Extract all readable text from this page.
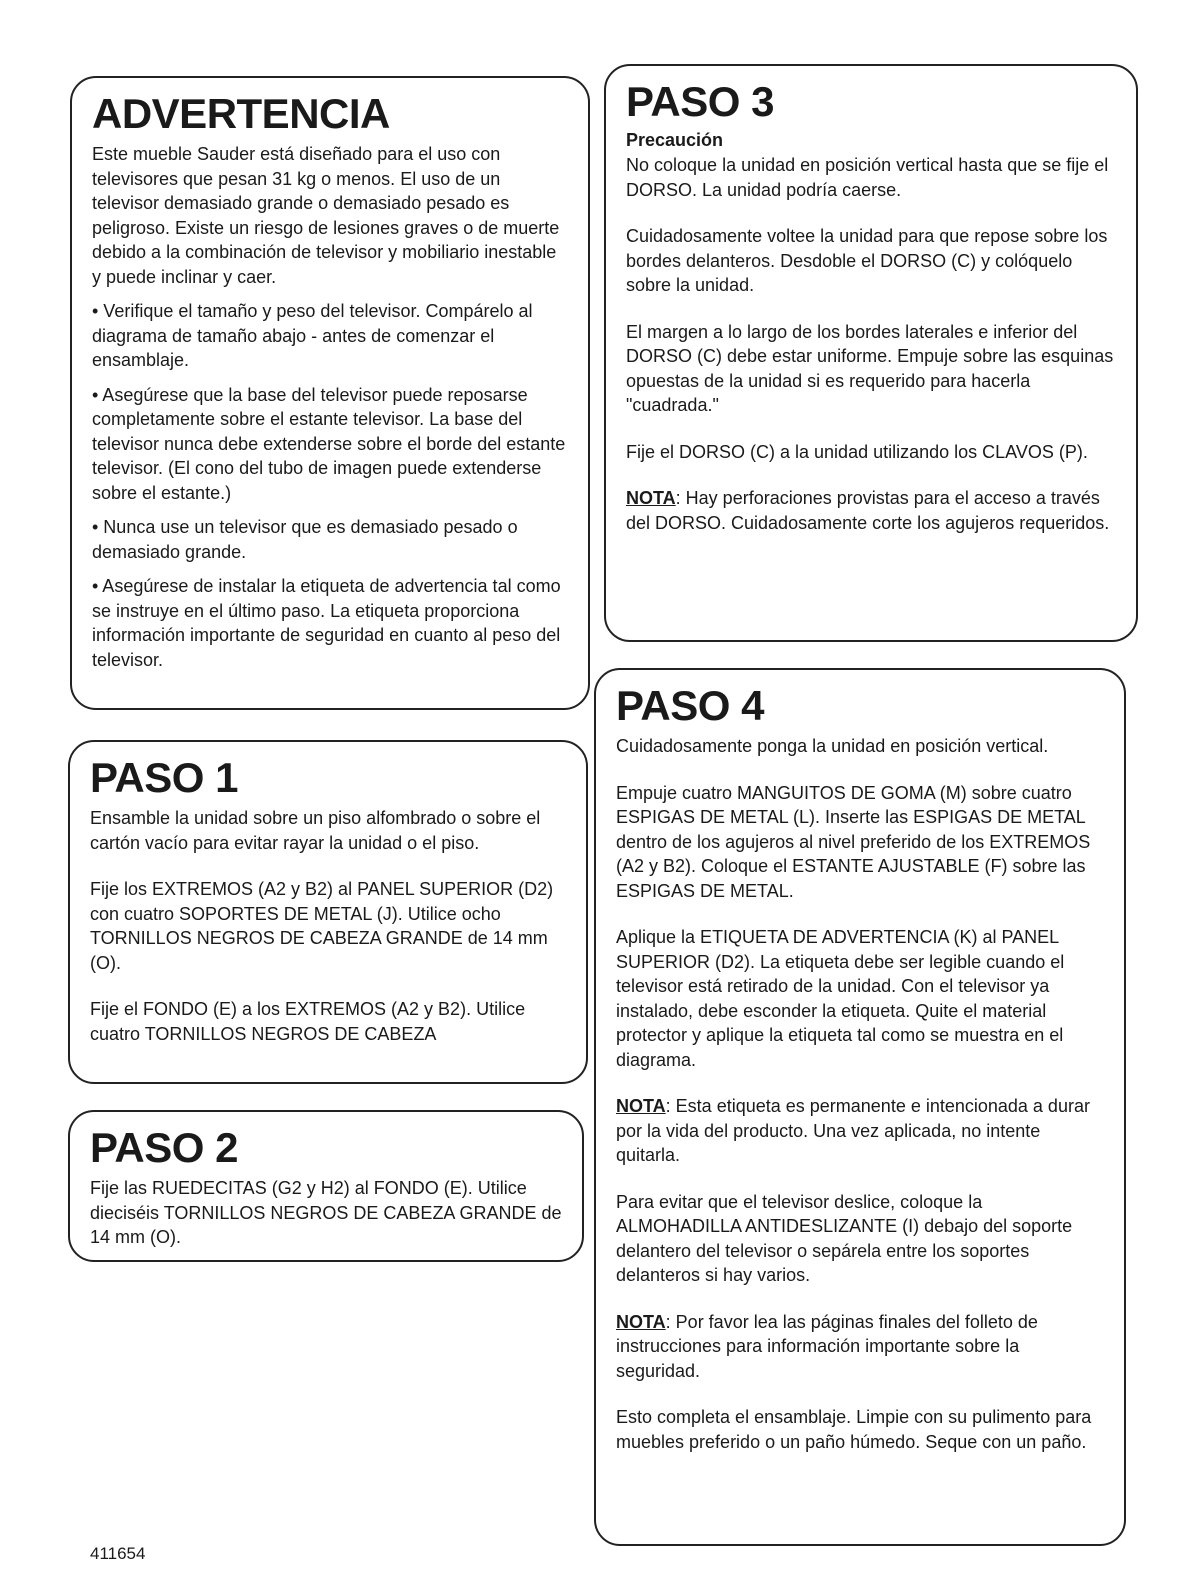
ADVERTENCIA

Este mueble Sauder está diseñado para el uso con televisores que pesan 31 kg o menos. El uso de un televisor demasiado grande o demasiado pesado es peligroso. Existe un riesgo de lesiones graves o de muerte debido a la combinación de televisor y mobiliario inestable y puede inclinar y caer.

• Verifique el tamaño y peso del televisor. Compárelo al diagrama de tamaño abajo - antes de comenzar el ensamblaje.

• Asegúrese que la base del televisor puede reposarse completamente sobre el estante televisor. La base del televisor nunca debe extenderse sobre el borde del estante televisor. (El cono del tubo de imagen puede extenderse sobre el estante.)

• Nunca use un televisor que es demasiado pesado o demasiado grande.

• Asegúrese de instalar la etiqueta de advertencia tal como se instruye en el último paso. La etiqueta proporciona información importante de seguridad en cuanto al peso del televisor.

PASO 1

Ensamble la unidad sobre un piso alfombrado o sobre el cartón vacío para evitar rayar la unidad o el piso.

Fije los EXTREMOS (A2 y B2) al PANEL SUPERIOR (D2) con cuatro SOPORTES DE METAL (J). Utilice ocho TORNILLOS NEGROS DE CABEZA GRANDE de 14 mm (O).

Fije el FONDO (E) a los EXTREMOS (A2 y B2). Utilice cuatro TORNILLOS NEGROS DE CABEZA

PASO 2

Fije las RUEDECITAS (G2 y H2) al FONDO (E). Utilice dieciséis TORNILLOS NEGROS DE CABEZA GRANDE de 14 mm (O).

PASO 3
Precaución

No coloque la unidad en posición vertical hasta que se fije el DORSO. La unidad podría caerse.

Cuidadosamente voltee la unidad para que repose sobre los bordes delanteros. Desdoble el DORSO (C) y colóquelo sobre la unidad.

El margen a lo largo de los bordes laterales e inferior del DORSO (C) debe estar uniforme. Empuje sobre las esquinas opuestas de la unidad si es requerido para hacerla "cuadrada."

Fije el DORSO (C) a la unidad utilizando los CLAVOS (P).

NOTA: Hay perforaciones provistas para el acceso a través del DORSO. Cuidadosamente corte los agujeros requeridos.

PASO 4

Cuidadosamente ponga la unidad en posición vertical.

Empuje cuatro MANGUITOS DE GOMA (M) sobre cuatro ESPIGAS DE METAL (L). Inserte las ESPIGAS DE METAL dentro de los agujeros al nivel preferido de los EXTREMOS (A2 y B2). Coloque el ESTANTE AJUSTABLE (F) sobre las ESPIGAS DE METAL.

Aplique la ETIQUETA DE ADVERTENCIA (K) al PANEL SUPERIOR (D2). La etiqueta debe ser legible cuando el televisor está retirado de la unidad. Con el televisor ya instalado, debe esconder la etiqueta. Quite el material protector y aplique la etiqueta tal como se muestra en el diagrama.

NOTA: Esta etiqueta es permanente e intencionada a durar por la vida del producto. Una vez aplicada, no intente quitarla.

Para evitar que el televisor deslice, coloque la ALMOHADILLA ANTIDESLIZANTE (I) debajo del soporte delantero del televisor o sepárela entre los soportes delanteros si hay varios.

NOTA: Por favor lea las páginas finales del folleto de instrucciones para información importante sobre la seguridad.

Esto completa el ensamblaje. Limpie con su pulimento para muebles preferido o un paño húmedo. Seque con un paño.

411654
